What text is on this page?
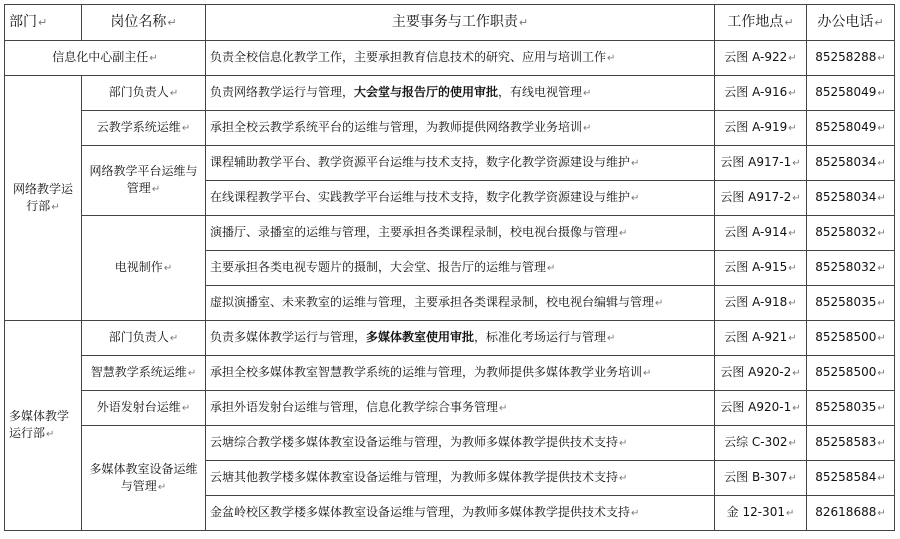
部门 ↵	岗位名称 ↵	主要事务与工作职责 ↵	工作地点 ↵	办公电话 ↵
信息化中心副主任 ↵		负责全校信息化教学工作，主要承担教育信息技术的研究、应用与培训工作 ↵	云图 A-922 ↵	85258288 ↵
网络教学运行部 ↵	部门负责人 ↵	负责网络教学运行与管理，大会堂与报告厅的使用审批，有线电视管理 ↵	云图 A-916 ↵	85258049 ↵
	云教学系统运维 ↵	承担全校云教学系统平台的运维与管理，为教师提供网络教学业务培训 ↵	云图 A-919 ↵	85258049 ↵
	网络教学平台运维与管理 ↵	课程辅助教学平台、教学资源平台运维与技术支持，数字化教学资源建设与维护 ↵	云图 A917-1 ↵	85258034 ↵
		在线课程教学平台、实践教学平台运维与技术支持，数字化教学资源建设与维护 ↵	云图 A917-2 ↵	85258034 ↵
	电视制作 ↵	演播厅、录播室的运维与管理，主要承担各类课程录制，校电视台摄像与管理 ↵	云图 A-914 ↵	85258032 ↵
		主要承担各类电视专题片的摄制，大会堂、报告厅的运维与管理 ↵	云图 A-915 ↵	85258032 ↵
		虚拟演播室、未来教室的运维与管理，主要承担各类课程录制，校电视台编辑与管理 ↵	云图 A-918 ↵	85258035 ↵
多媒体教学运行部 ↵	部门负责人 ↵	负责多媒体教学运行与管理，多媒体教室使用审批，标准化考场运行与管理 ↵	云图 A-921 ↵	85258500 ↵
	智慧教学系统运维 ↵	承担全校多媒体教室智慧教学系统的运维与管理，为教师提供多媒体教学业务培训 ↵	云图 A920-2 ↵	85258500 ↵
	外语发射台运维 ↵	承担外语发射台运维与管理，信息化教学综合事务管理 ↵	云图 A920-1 ↵	85258035 ↵
	多媒体教室设备运维与管理 ↵	云塘综合教学楼多媒体教室设备运维与管理，为教师多媒体教学提供技术支持 ↵	云综 C-302 ↵	85258583 ↵
		云塘其他教学楼多媒体教室设备运维与管理，为教师多媒体教学提供技术支持 ↵	云图 B-307 ↵	85258584 ↵
		金盆岭校区教学楼多媒体教室设备运维与管理，为教师多媒体教学提供技术支持 ↵	金 12-301 ↵	82618688 ↵
